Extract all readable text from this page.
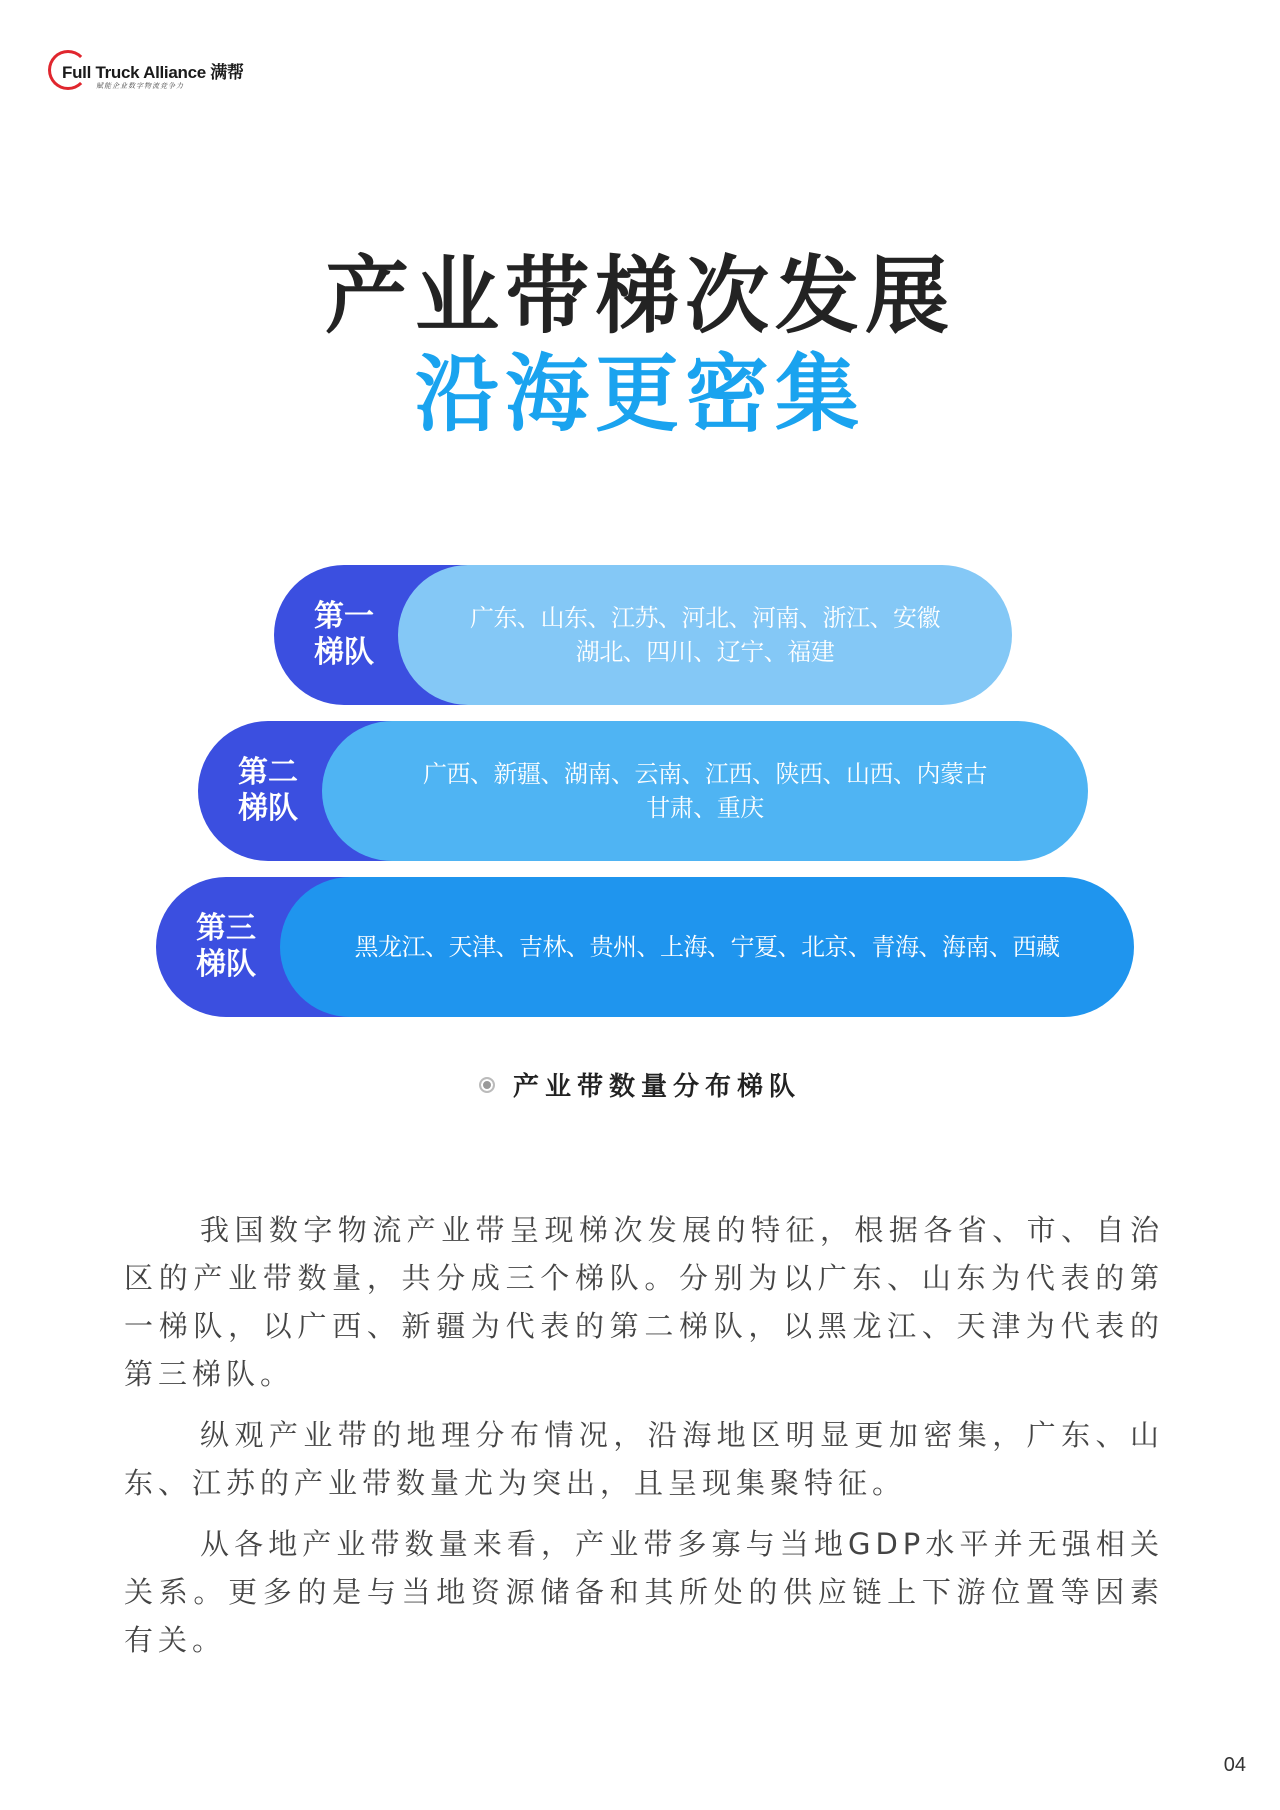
Full Truck Alliance 满帮
赋能企业数字物流竞争力
产业带梯次发展
沿海更密集
广东、山东、江苏、河北、河南、浙江、安徽
湖北、四川、辽宁、福建
第一
梯队
广西、新疆、湖南、云南、江西、陕西、山西、内蒙古
甘肃、重庆
第二
梯队
黑龙江、天津、吉林、贵州、上海、宁夏、北京、青海、海南、西藏
第三
梯队
产业带数量分布梯队

我国数字物流产业带呈现梯次发展的特征，根据各省、市、自治区的产业带数量，共分成三个梯队。分别为以广东、山东为代表的第一梯队，以广西、新疆为代表的第二梯队，以黑龙江、天津为代表的第三梯队。

纵观产业带的地理分布情况，沿海地区明显更加密集，广东、山东、江苏的产业带数量尤为突出，且呈现集聚特征。

从各地产业带数量来看，产业带多寡与当地GDP水平并无强相关关系。更多的是与当地资源储备和其所处的供应链上下游位置等因素有关。

04
